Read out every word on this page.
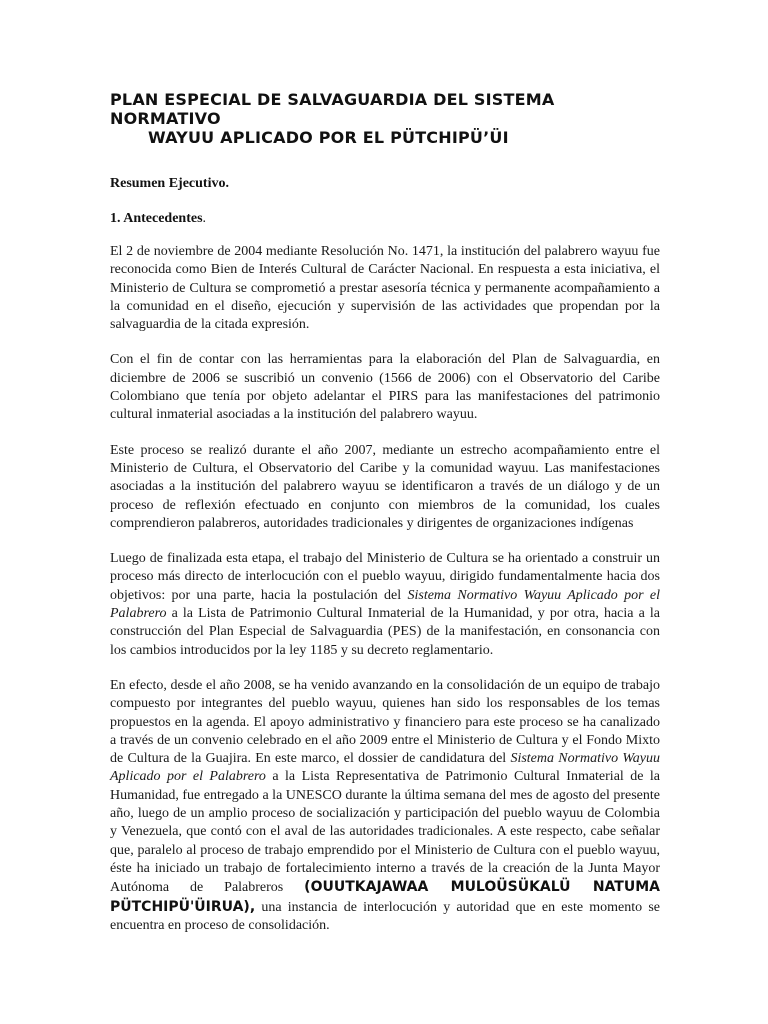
PLAN ESPECIAL DE SALVAGUARDIA DEL SISTEMA NORMATIVO
WAYUU APLICADO POR EL PÜTCHIPÜ’ÜI

Resumen Ejecutivo.

1. Antecedentes.

El 2 de noviembre de 2004 mediante Resolución No. 1471, la institución del palabrero wayuu fue reconocida como Bien de Interés Cultural de Carácter Nacional. En respuesta a esta iniciativa, el Ministerio de Cultura se comprometió a prestar asesoría técnica y permanente acompañamiento a la comunidad en el diseño, ejecución y supervisión de las actividades que propendan por la salvaguardia de la citada expresión.

Con el fin de contar con las herramientas para la elaboración del Plan de Salvaguardia, en diciembre de 2006 se suscribió un convenio (1566 de 2006) con el Observatorio del Caribe Colombiano que tenía por objeto adelantar el PIRS para las manifestaciones del patrimonio cultural inmaterial asociadas a la institución del palabrero wayuu.

Este proceso se realizó durante el año 2007, mediante un estrecho acompañamiento entre el Ministerio de Cultura, el Observatorio del Caribe y la comunidad wayuu. Las manifestaciones asociadas a la institución del palabrero wayuu se identificaron a través de un diálogo y de un proceso de reflexión efectuado en conjunto con miembros de la comunidad, los cuales comprendieron palabreros, autoridades tradicionales y dirigentes de organizaciones indígenas

Luego de finalizada esta etapa, el trabajo del Ministerio de Cultura se ha orientado a construir un proceso más directo de interlocución con el pueblo wayuu, dirigido fundamentalmente hacia dos objetivos: por una parte, hacia la postulación del Sistema Normativo Wayuu Aplicado por el Palabrero a la Lista de Patrimonio Cultural Inmaterial de la Humanidad, y por otra, hacia a la construcción del Plan Especial de Salvaguardia (PES) de la manifestación, en consonancia con los cambios introducidos por la ley 1185 y su decreto reglamentario.

En efecto, desde el año 2008, se ha venido avanzando en la consolidación de un equipo de trabajo compuesto por integrantes del pueblo wayuu, quienes han sido los responsables de los temas propuestos en la agenda. El apoyo administrativo y financiero para este proceso se ha canalizado a través de un convenio celebrado en el año 2009 entre el Ministerio de Cultura y el Fondo Mixto de Cultura de la Guajira. En este marco, el dossier de candidatura del Sistema Normativo Wayuu Aplicado por el Palabrero a la Lista Representativa de Patrimonio Cultural Inmaterial de la Humanidad, fue entregado a la UNESCO durante la última semana del mes de agosto del presente año, luego de un amplio proceso de socialización y participación del pueblo wayuu de Colombia y Venezuela, que contó con el aval de las autoridades tradicionales. A este respecto, cabe señalar que, paralelo al proceso de trabajo emprendido por el Ministerio de Cultura con el pueblo wayuu, éste ha iniciado un trabajo de fortalecimiento interno a través de la creación de la Junta Mayor Autónoma de Palabreros (OUUTKAJAWAA MULOÜSÜKALÜ NATUMA PÜTCHIPÜ'ÜIRUA), una instancia de interlocución y autoridad que en este momento se encuentra en proceso de consolidación.
